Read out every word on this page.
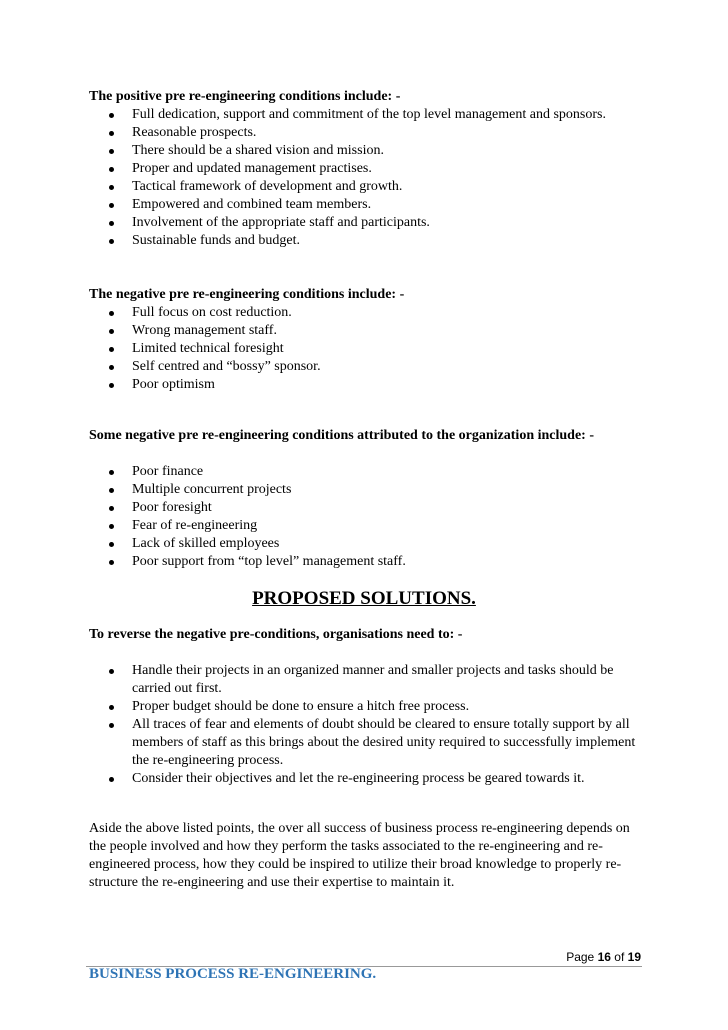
The positive pre re-engineering conditions include: -

Full dedication, support and commitment of the top level management and sponsors.
Reasonable prospects.
There should be a shared vision and mission.
Proper and updated management practises.
Tactical framework of development and growth.
Empowered and combined team members.
Involvement of the appropriate staff and participants.
Sustainable funds and budget.

The negative pre re-engineering conditions include: -

Full focus on cost reduction.
Wrong management staff.
Limited technical foresight
Self centred and “bossy” sponsor.
Poor optimism

Some negative pre re-engineering conditions attributed to the organization include: -

Poor finance
Multiple concurrent projects
Poor foresight
Fear of re-engineering
Lack of skilled employees
Poor support from “top level” management staff.
PROPOSED SOLUTIONS.

To reverse the negative pre-conditions, organisations need to: -

Handle their projects in an organized manner and smaller projects and tasks should be carried out first.
Proper budget should be done to ensure a hitch free process.
All traces of fear and elements of doubt should be cleared to ensure totally support by all members of staff as this brings about the desired unity required to successfully implement the re-engineering process.
Consider their objectives and let the re-engineering process be geared towards it.

Aside the above listed points, the over all success of business process re-engineering depends on the people involved and how they perform the tasks associated to the re-engineering and re-engineered process, how they could be inspired to utilize their broad knowledge to properly re-structure the re-engineering and use their expertise to maintain it.

Page 16 of 19
BUSINESS PROCESS RE-ENGINEERING.
